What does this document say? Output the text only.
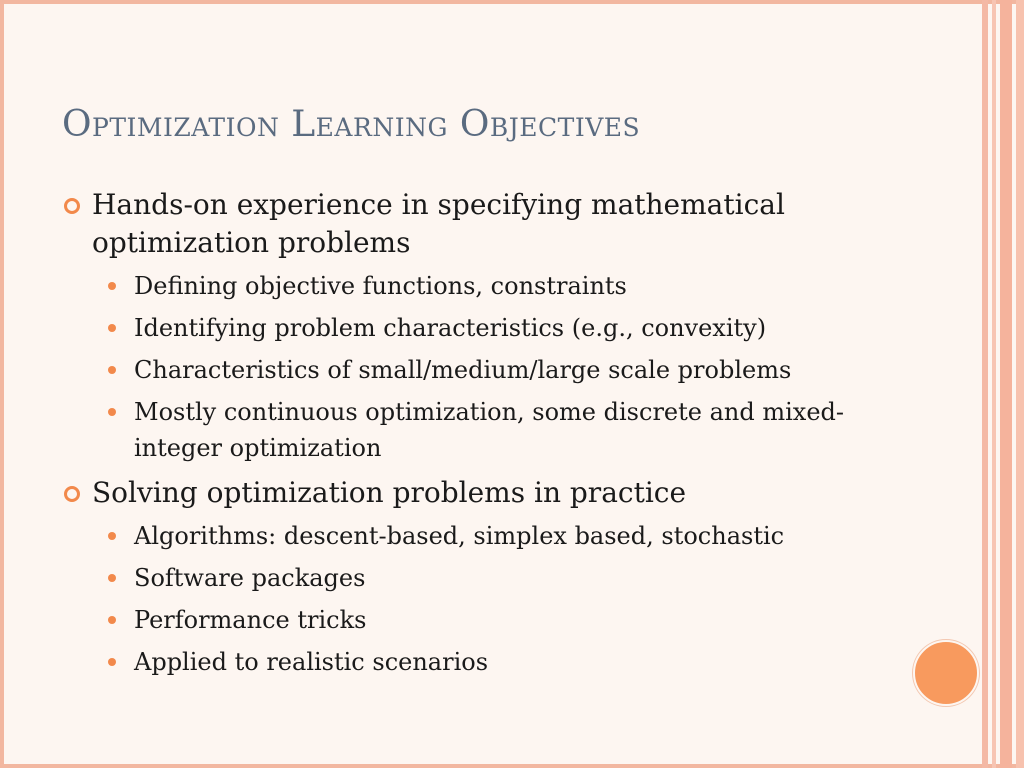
Optimization Learning Objectives
Hands-on experience in specifying mathematical optimization problems
Defining objective functions, constraints
Identifying problem characteristics (e.g., convexity)
Characteristics of small/medium/large scale problems
Mostly continuous optimization, some discrete and mixed-integer optimization
Solving optimization problems in practice
Algorithms: descent-based, simplex based, stochastic
Software packages
Performance tricks
Applied to realistic scenarios
